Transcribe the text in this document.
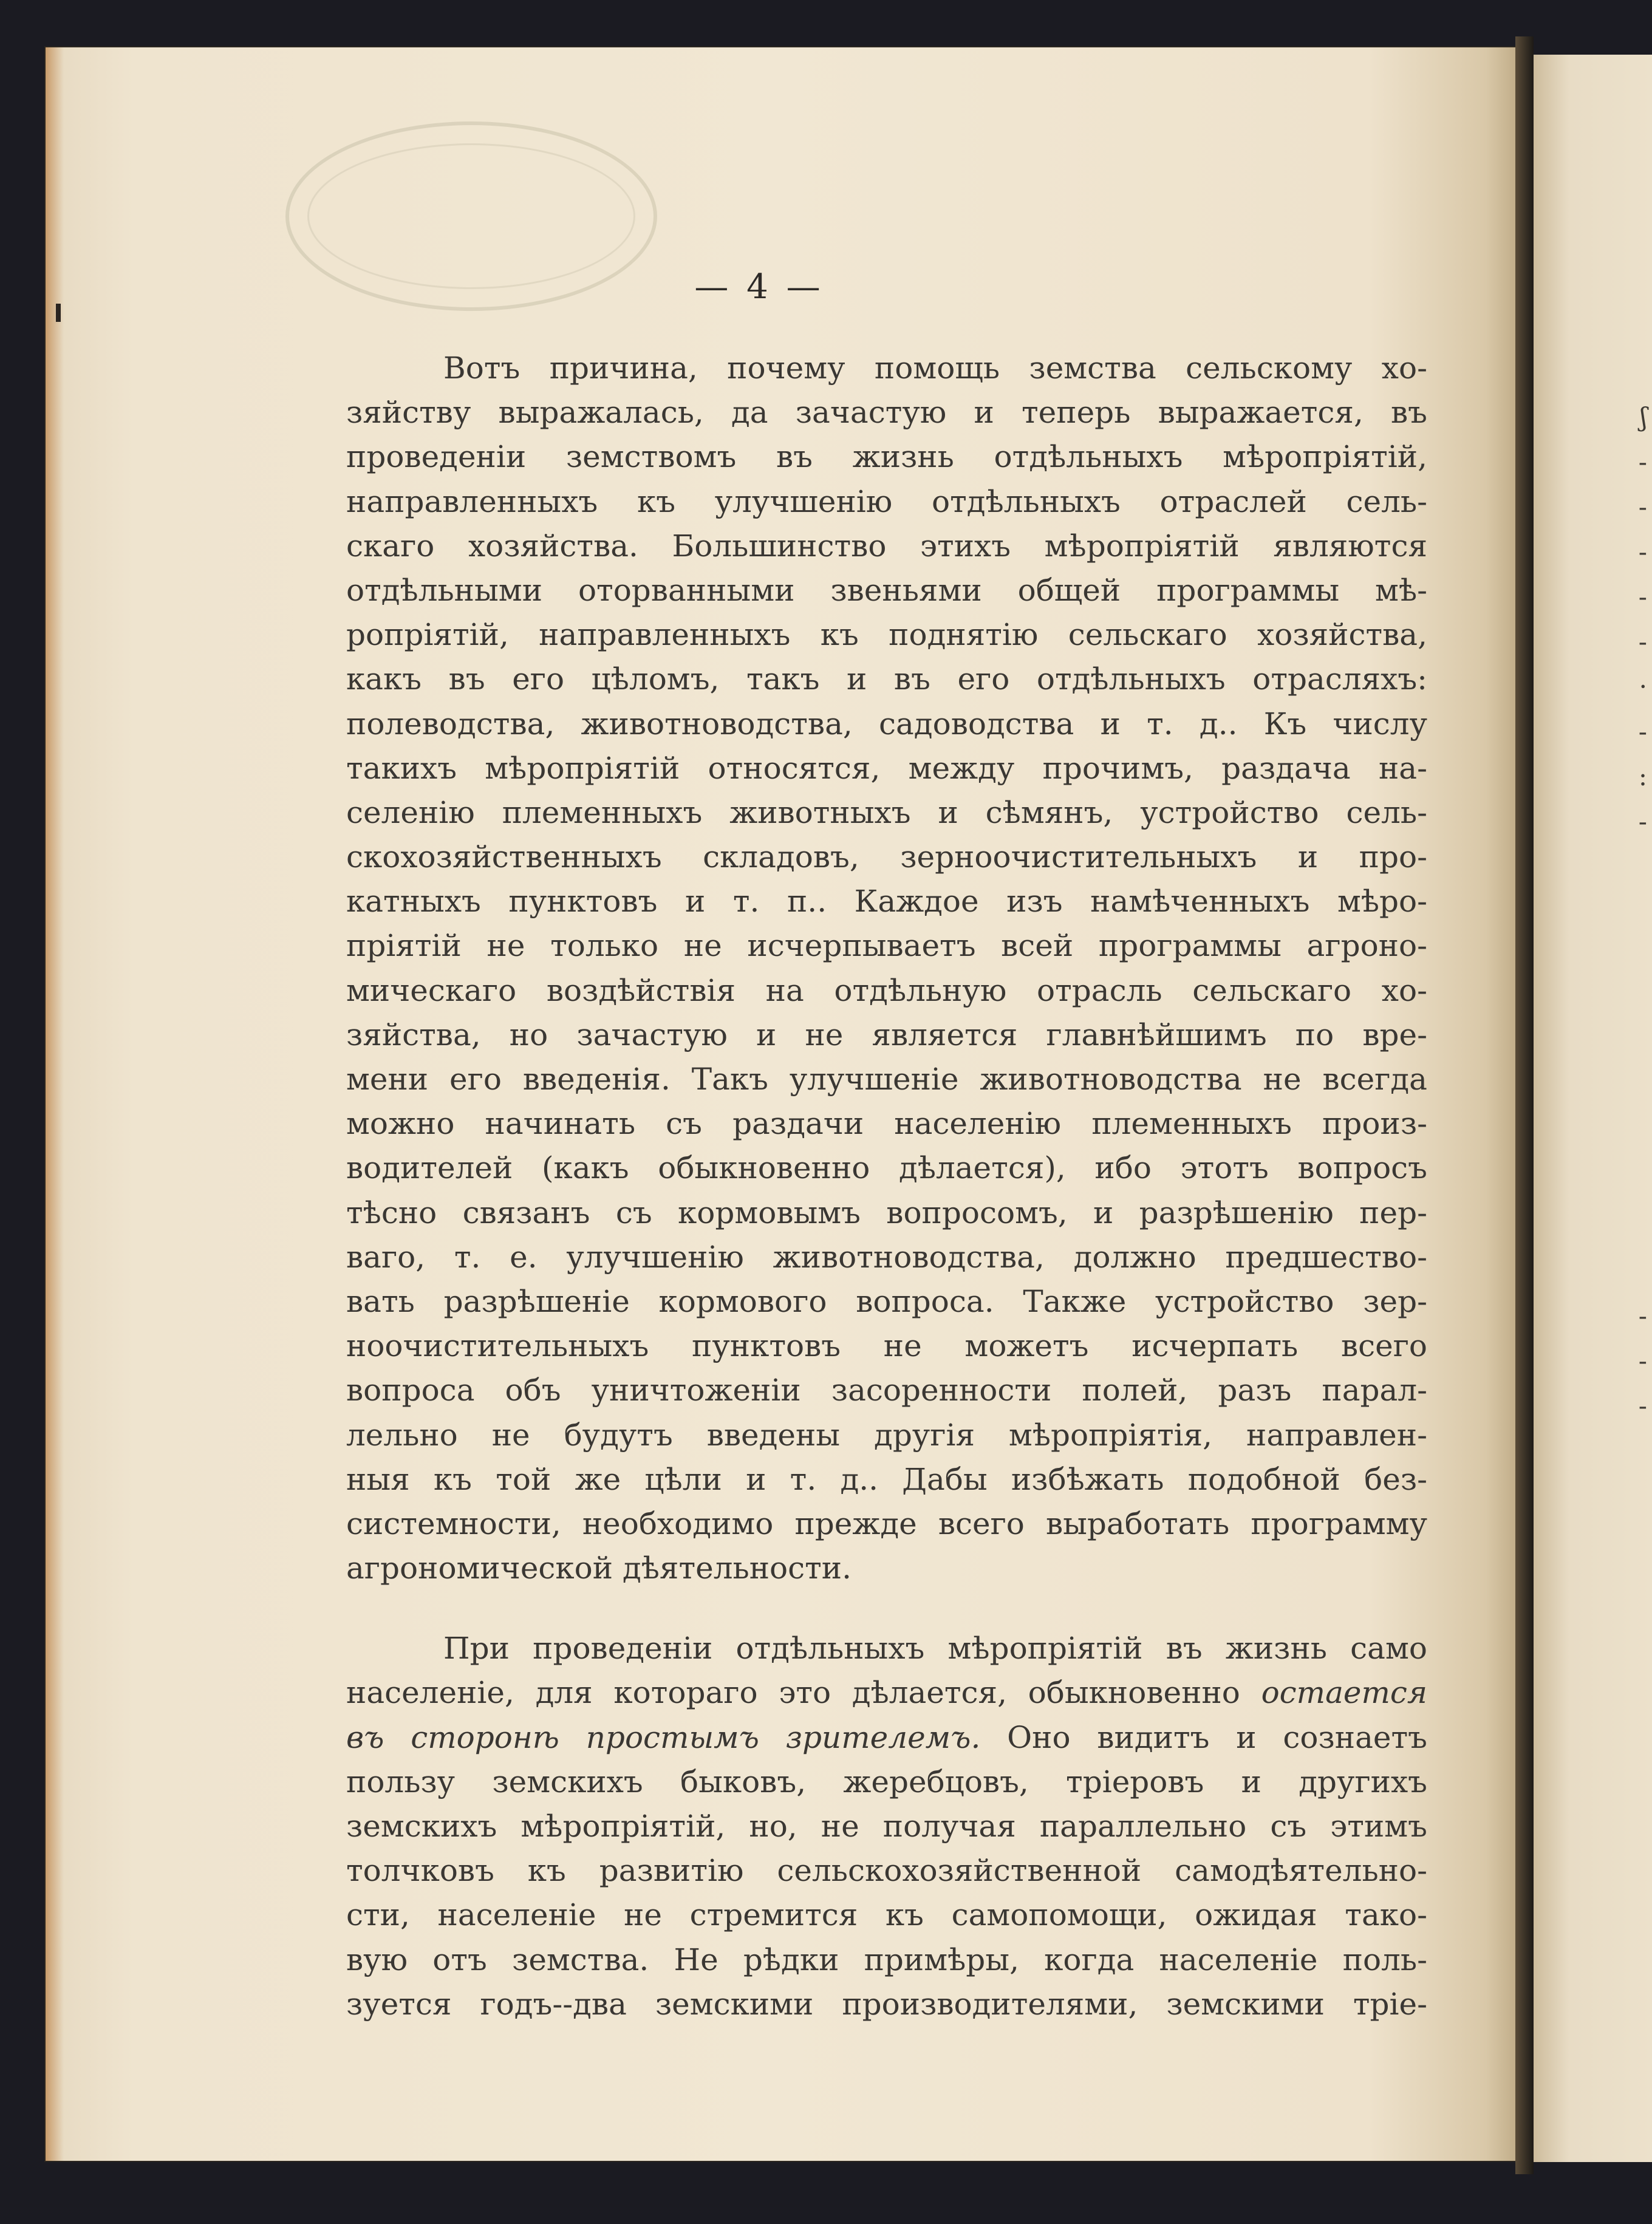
ʃ
-
-
-
-
-
·
-
:
-

-
-
-
— 4 —
Вотъ причина, почему помощь земства сельскому хо-
зяйству выражалась, да зачастую и теперь выражается, въ
проведенiи земствомъ въ жизнь отдѣльныхъ мѣропрiятiй,
направленныхъ къ улучшенiю отдѣльныхъ отраслей сель-
скаго хозяйства. Большинство этихъ мѣропрiятiй являются
отдѣльными оторванными звеньями общей программы мѣ-
ропрiятiй, направленныхъ къ поднятiю сельскаго хозяйства,
какъ въ его цѣломъ, такъ и въ его отдѣльныхъ отрасляхъ:
полеводства, животноводства, садоводства и т. д.. Къ числу
такихъ мѣропрiятiй относятся, между прочимъ, раздача на-
селенiю племенныхъ животныхъ и сѣмянъ, устройство сель-
скохозяйственныхъ складовъ, зерноочистительныхъ и про-
катныхъ пунктовъ и т. п.. Каждое изъ намѣченныхъ мѣро-
прiятiй не только не исчерпываетъ всей программы агроно-
мическаго воздѣйствiя на отдѣльную отрасль сельскаго хо-
зяйства, но зачастую и не является главнѣйшимъ по вре-
мени его введенiя. Такъ улучшенiе животноводства не всегда
можно начинать съ раздачи населенiю племенныхъ произ-
водителей (какъ обыкновенно дѣлается), ибо этотъ вопросъ
тѣсно связанъ съ кормовымъ вопросомъ, и разрѣшенiю пер-
ваго, т. е. улучшенiю животноводства, должно предшество-
вать разрѣшенiе кормового вопроса. Также устройство зер-
ноочистительныхъ пунктовъ не можетъ исчерпать всего
вопроса объ уничтоженiи засоренности полей, разъ парал-
лельно не будутъ введены другiя мѣропрiятiя, направлен-
ныя къ той же цѣли и т. д.. Дабы избѣжать подобной без-
системности, необходимо прежде всего выработать программу
агрономической дѣятельности.
При проведенiи отдѣльныхъ мѣропрiятiй въ жизнь само
населенiе, для котораго это дѣлается, обыкновенно остается
въ сторонѣ простымъ зрителемъ. Оно видитъ и сознаетъ
пользу земскихъ быковъ, жеребцовъ, трiеровъ и другихъ
земскихъ мѣропрiятiй, но, не получая параллельно съ этимъ
толчковъ къ развитiю сельскохозяйственной самодѣятельно-
сти, населенiе не стремится къ самопомощи, ожидая тако-
вую отъ земства. Не рѣдки примѣры, когда населенiе поль-
зуется годъ--два земскими производителями, земскими трiе-
